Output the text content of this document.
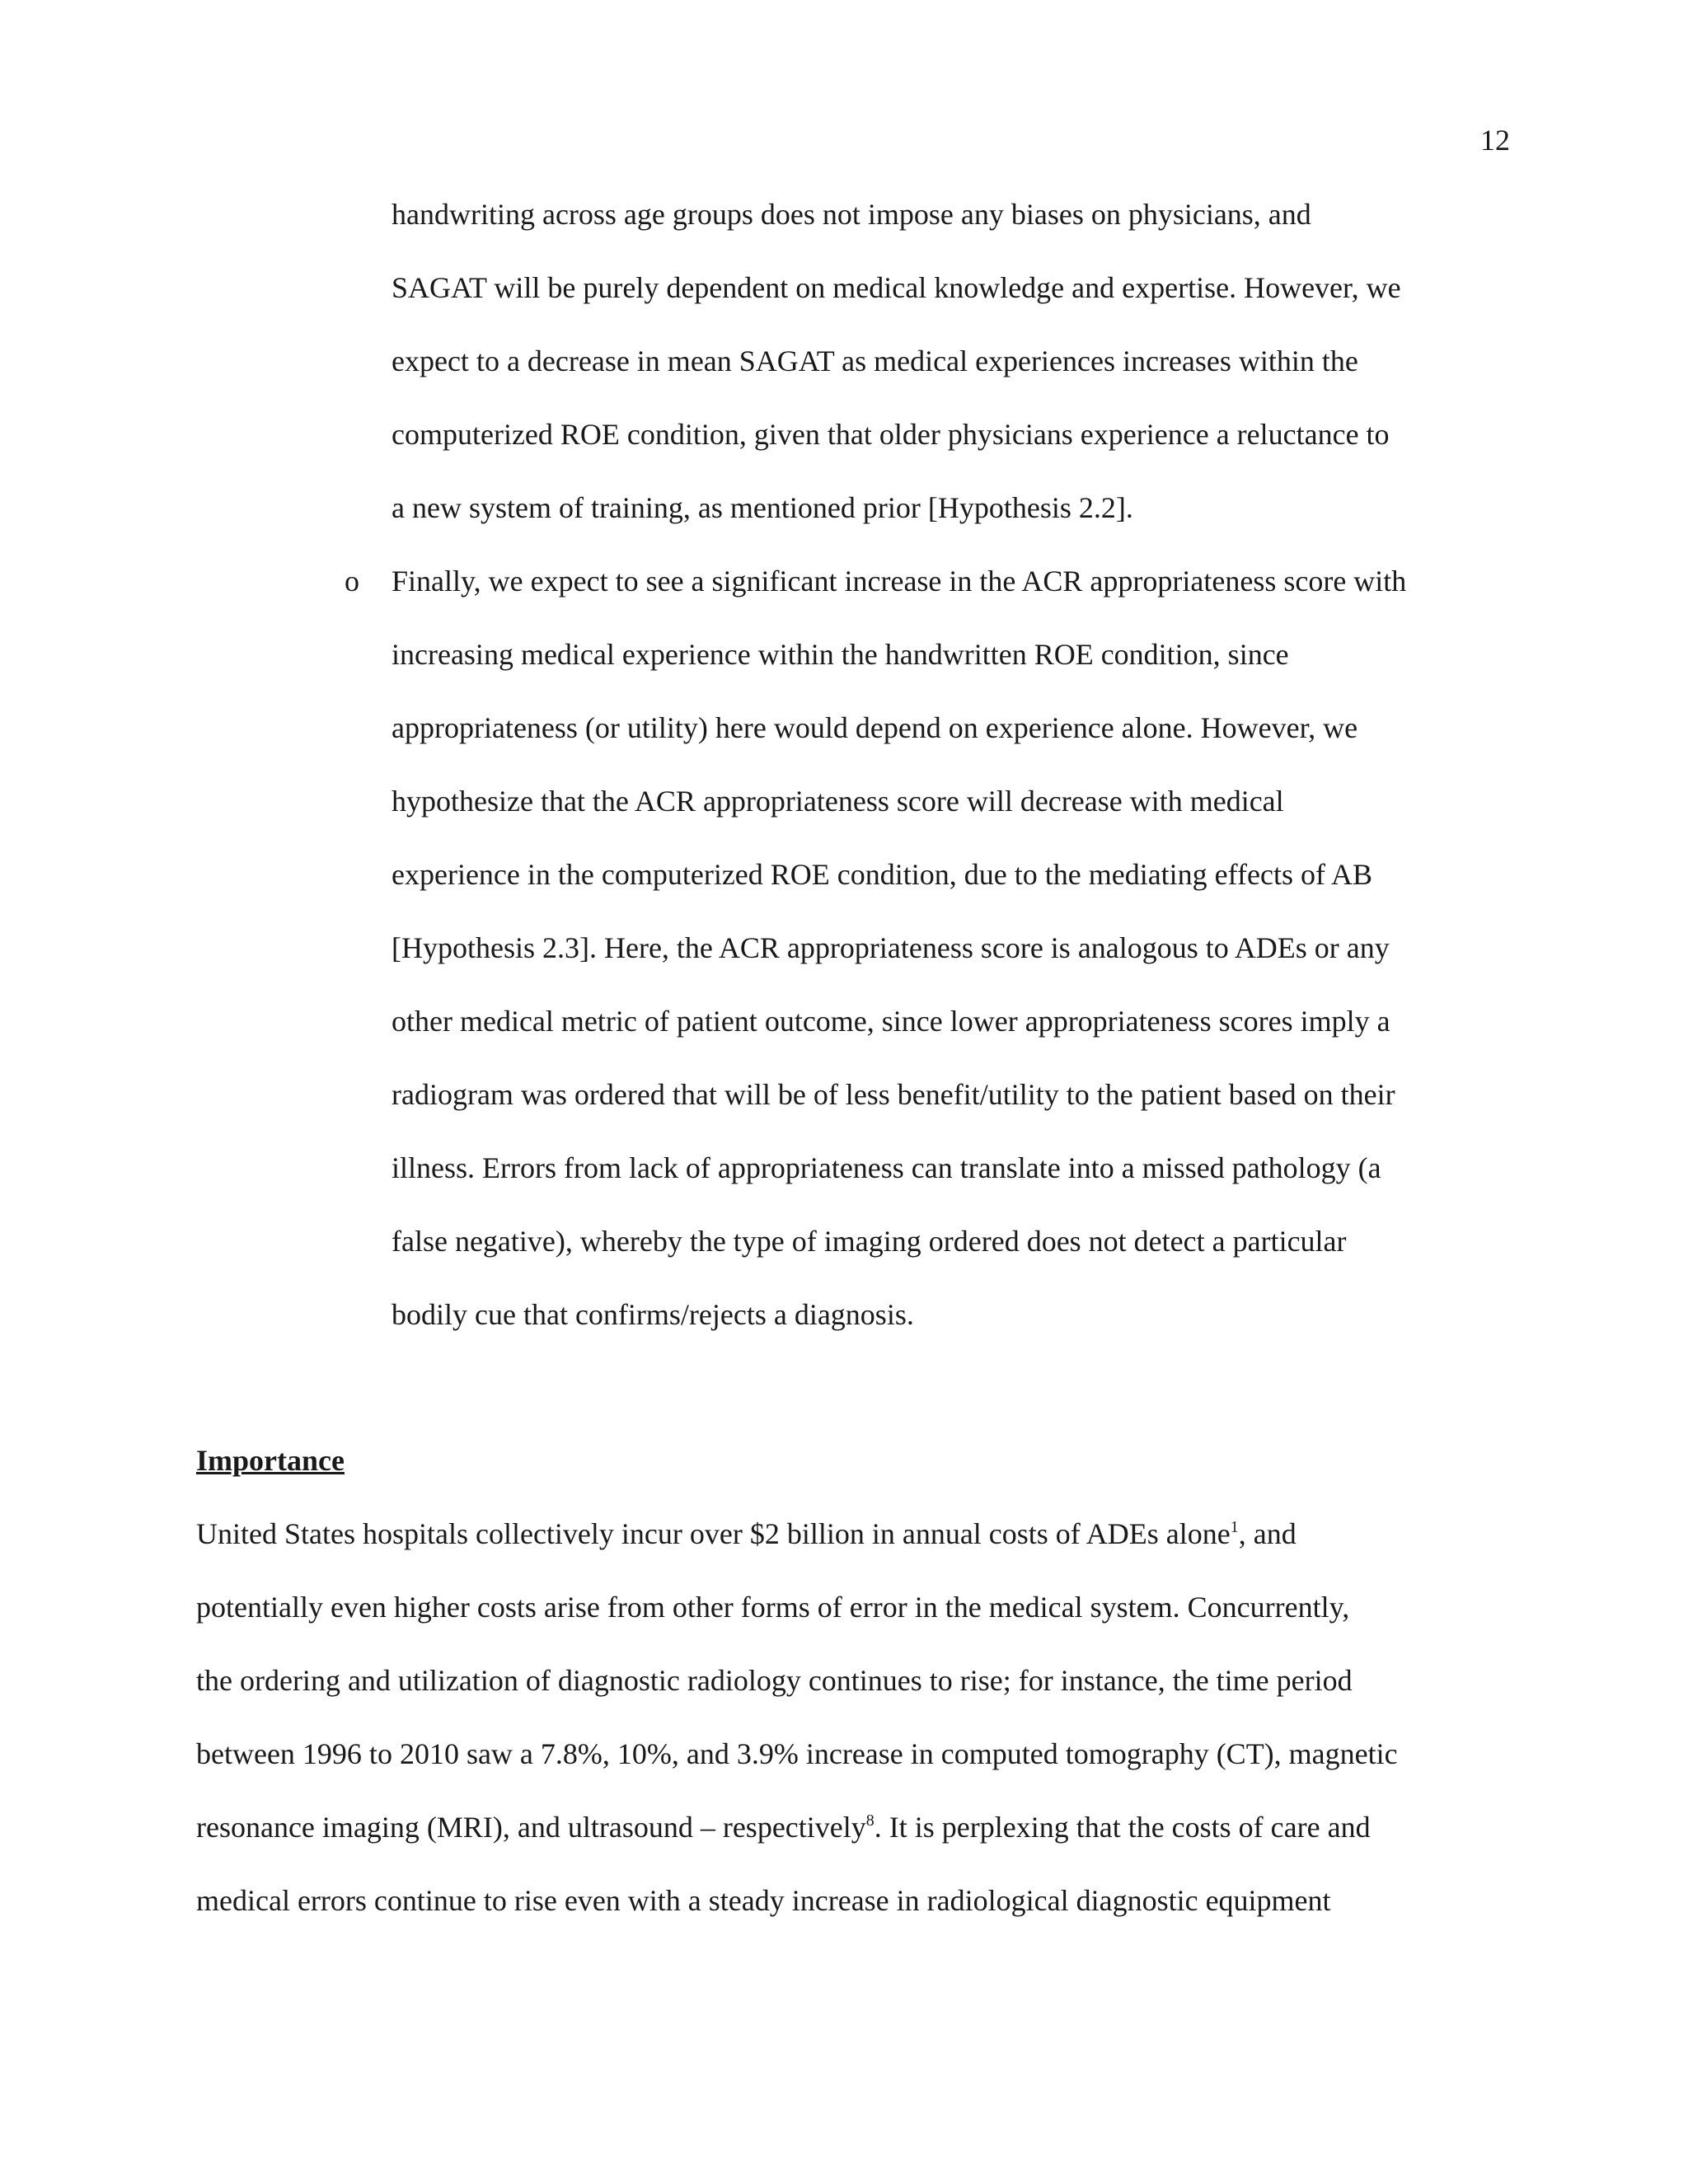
12
handwriting across age groups does not impose any biases on physicians, and
SAGAT will be purely dependent on medical knowledge and expertise. However, we
expect to a decrease in mean SAGAT as medical experiences increases within the
computerized ROE condition, given that older physicians experience a reluctance to
a new system of training, as mentioned prior [Hypothesis 2.2].
o Finally, we expect to see a significant increase in the ACR appropriateness score with
increasing medical experience within the handwritten ROE condition, since
appropriateness (or utility) here would depend on experience alone. However, we
hypothesize that the ACR appropriateness score will decrease with medical
experience in the computerized ROE condition, due to the mediating effects of AB
[Hypothesis 2.3]. Here, the ACR appropriateness score is analogous to ADEs or any
other medical metric of patient outcome, since lower appropriateness scores imply a
radiogram was ordered that will be of less benefit/utility to the patient based on their
illness. Errors from lack of appropriateness can translate into a missed pathology (a
false negative), whereby the type of imaging ordered does not detect a particular
bodily cue that confirms/rejects a diagnosis.
Importance
United States hospitals collectively incur over $2 billion in annual costs of ADEs alone$^1$, and
potentially even higher costs arise from other forms of error in the medical system. Concurrently,
the ordering and utilization of diagnostic radiology continues to rise; for instance, the time period
between 1996 to 2010 saw a 7.8%, 10%, and 3.9% increase in computed tomography (CT), magnetic
resonance imaging (MRI), and ultrasound – respectively$^8$. It is perplexing that the costs of care and
medical errors continue to rise even with a steady increase in radiological diagnostic equipment
